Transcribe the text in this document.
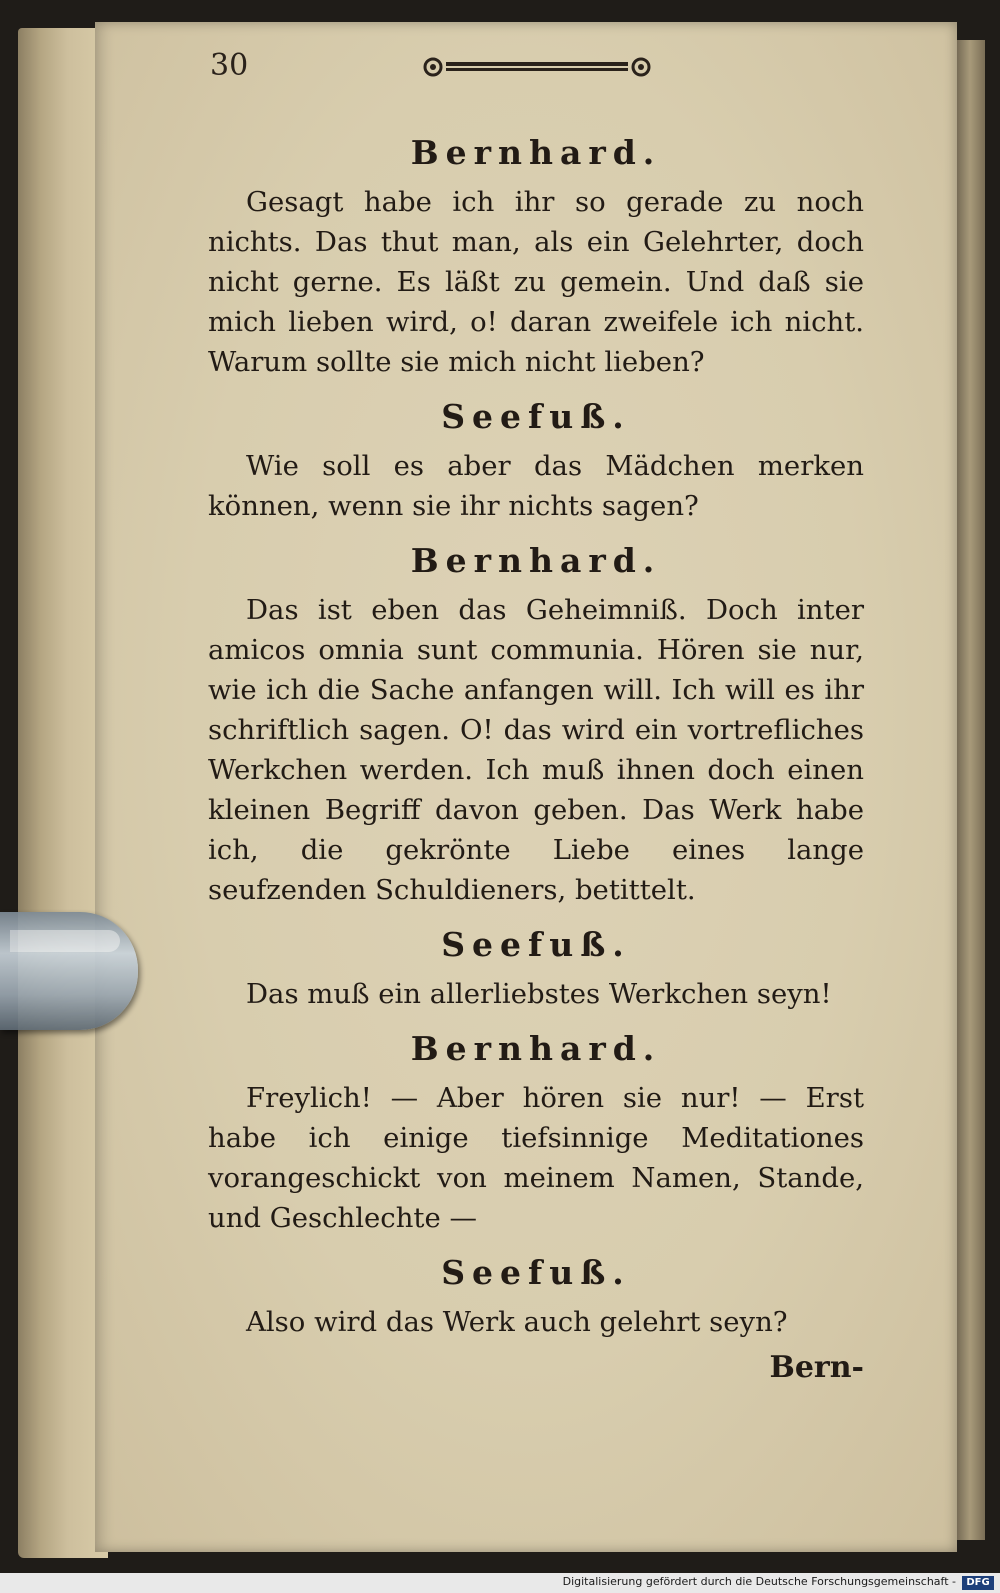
30

Bernhard.

Gesagt habe ich ihr so gerade zu noch nichts. Das thut man, als ein Gelehrter, doch nicht gerne. Es läßt zu gemein. Und daß sie mich lieben wird, o! daran zweifele ich nicht. Warum sollte sie mich nicht lieben?

Seefuß.

Wie soll es aber das Mädchen merken können, wenn sie ihr nichts sagen?

Bernhard.

Das ist eben das Geheimniß. Doch inter amicos omnia sunt communia. Hören sie nur, wie ich die Sache anfangen will. Ich will es ihr schriftlich sagen. O! das wird ein vortrefliches Werkchen werden. Ich muß ihnen doch einen kleinen Begriff davon geben. Das Werk habe ich, die gekrönte Liebe eines lange seufzenden Schuldieners, betittelt.

Seefuß.

Das muß ein allerliebstes Werkchen seyn!

Bernhard.

Freylich! — Aber hören sie nur! — Erst habe ich einige tiefsinnige Meditationes vorangeschickt von meinem Namen, Stande, und Geschlechte —

Seefuß.

Also wird das Werk auch gelehrt seyn?

Bern-

Digitalisierung gefördert durch die Deutsche Forschungsgemeinschaft -	DFG
